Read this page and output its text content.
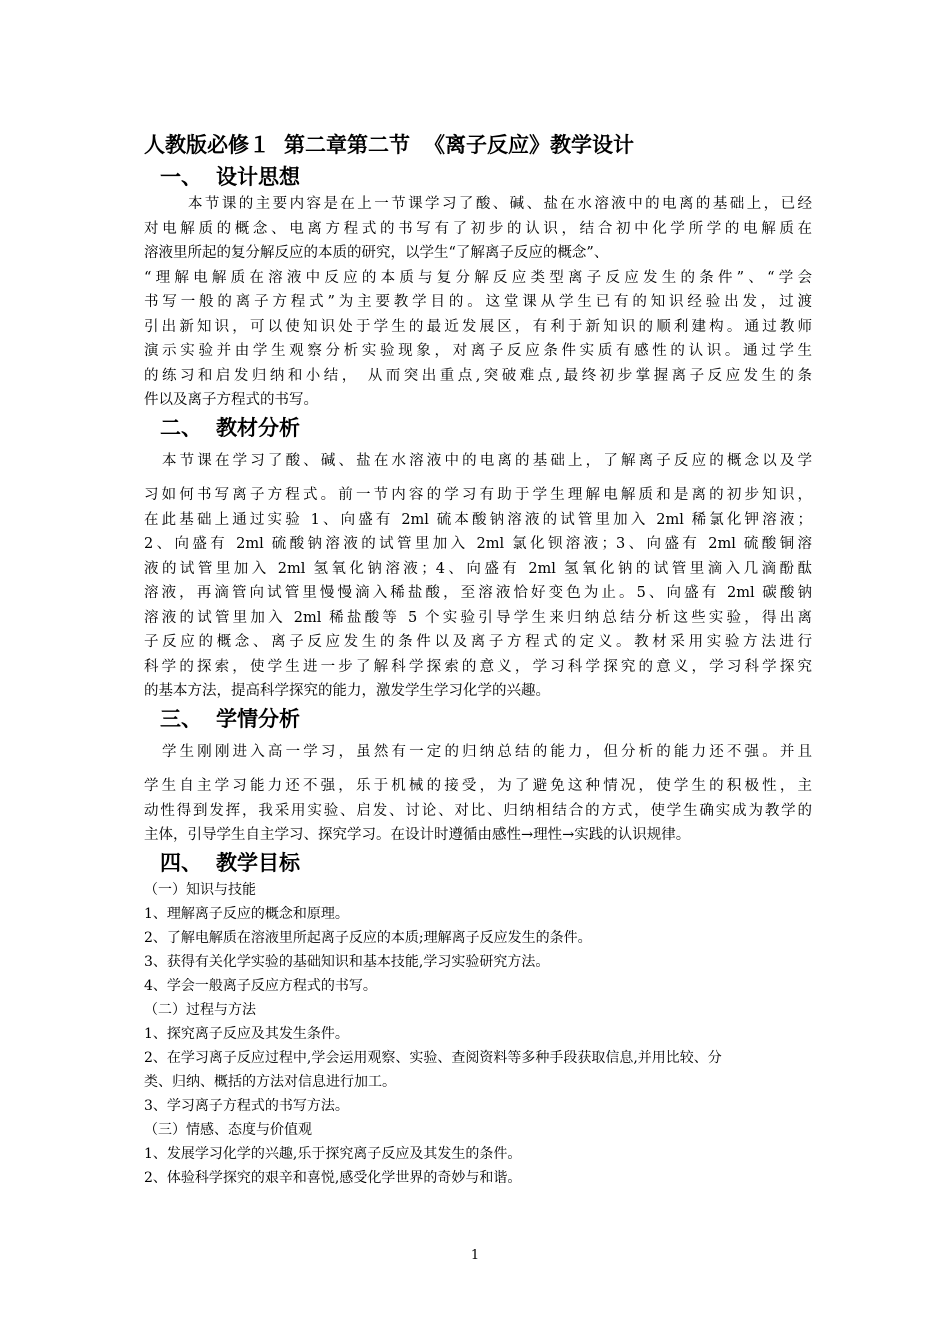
人教版必修１ 第二章第二节 《离子反应》教学设计
一、 设计思想
本节课的主要内容是在上一节课学习了酸、碱、盐在水溶液中的电离的基础上，已经
对电解质的概念、电离方程式的书写有了初步的认识，结合初中化学所学的电解质在
溶液里所起的复分解反应的本质的研究，以学生“了解离子反应的概念”、
“理解电解质在溶液中反应的本质与复分解反应类型离子反应发生的条件”、“学会
书写一般的离子方程式”为主要教学目的。这堂课从学生已有的知识经验出发，过渡
引出新知识，可以使知识处于学生的最近发展区，有利于新知识的顺利建构。通过教师
演示实验并由学生观察分析实验现象，对离子反应条件实质有感性的认识。通过学生
的练习和启发归纳和小结， 从而突出重点,突破难点,最终初步掌握离子反应发生的条
件以及离子方程式的书写。
二、 教材分析
本节课在学习了酸、碱、盐在水溶液中的电离的基础上，了解离子反应的概念以及学
习如何书写离子方程式。前一节内容的学习有助于学生理解电解质和是离的初步知识，
在此基础上通过实验 1、向盛有 2ml 硫本酸钠溶液的试管里加入 2ml 稀氯化钾溶液；
2、向盛有 2ml 硫酸钠溶液的试管里加入 2ml 氯化钡溶液；3、向盛有 2ml 硫酸铜溶
液的试管里加入 2ml 氢氧化钠溶液；4、向盛有 2ml 氢氧化钠的试管里滴入几滴酚酞
溶液，再滴管向试管里慢慢滴入稀盐酸，至溶液恰好变色为止。5、向盛有 2ml 碳酸钠
溶液的试管里加入 2ml 稀盐酸等 5 个实验引导学生来归纳总结分析这些实验，得出离
子反应的概念、离子反应发生的条件以及离子方程式的定义。教材采用实验方法进行
科学的探索，使学生进一步了解科学探索的意义，学习科学探究的意义，学习科学探究
的基本方法，提高科学探究的能力，激发学生学习化学的兴趣。
三、 学情分析
学生刚刚进入高一学习，虽然有一定的归纳总结的能力，但分析的能力还不强。并且
学生自主学习能力还不强，乐于机械的接受，为了避免这种情况，使学生的积极性，主
动性得到发挥，我采用实验、启发、讨论、对比、归纳相结合的方式，使学生确实成为教学的
主体，引导学生自主学习、探究学习。在设计时遵循由感性→理性→实践的认识规律。
四、 教学目标
（一）知识与技能
1、理解离子反应的概念和原理。
2、了解电解质在溶液里所起离子反应的本质;理解离子反应发生的条件。
3、获得有关化学实验的基础知识和基本技能,学习实验研究方法。
4、学会一般离子反应方程式的书写。
（二）过程与方法
1、探究离子反应及其发生条件。
2、在学习离子反应过程中,学会运用观察、实验、查阅资料等多种手段获取信息,并用比较、分
类、归纳、概括的方法对信息进行加工。
3、学习离子方程式的书写方法。
（三）情感、态度与价值观
1、发展学习化学的兴趣,乐于探究离子反应及其发生的条件。
2、体验科学探究的艰辛和喜悦,感受化学世界的奇妙与和谐。
1
